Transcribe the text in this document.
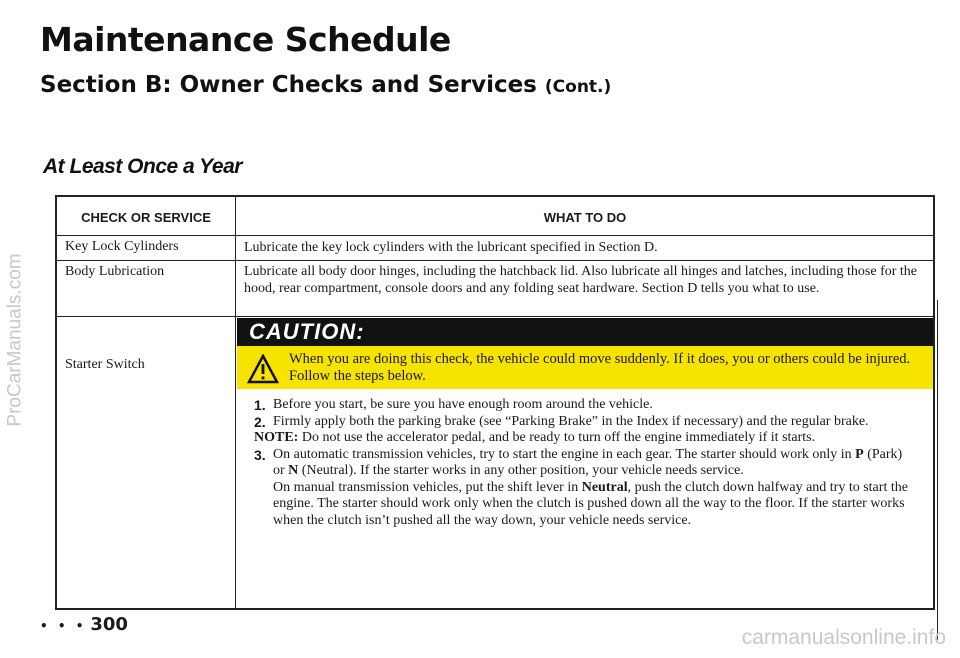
ProCarManuals.com
Maintenance Schedule
Section B: Owner Checks and Services (Cont.)
At Least Once a Year
CHECK OR SERVICE	WHAT TO DO
Key Lock Cylinders	Lubricate the key lock cylinders with the lubricant specified in Section D.
Body Lubrication	Lubricate all body door hinges, including the hatchback lid. Also lubricate all hinges and latches, including those for the hood, rear compartment, console doors and any folding seat hardware. Section D tells you what to use.
Starter Switch
CAUTION:
When you are doing this check, the vehicle could move suddenly. If it does, you or others could be injured. Follow the steps below.
1. Before you start, be sure you have enough room around the vehicle.
2. Firmly apply both the parking brake (see “Parking Brake” in the Index if necessary) and the regular brake.
NOTE: Do not use the accelerator pedal, and be ready to turn off the engine immediately if it starts.
3. On automatic transmission vehicles, try to start the engine in each gear. The starter should work only in P (Park) or N (Neutral). If the starter works in any other position, your vehicle needs service.
On manual transmission vehicles, put the shift lever in Neutral, push the clutch down halfway and try to start the engine. The starter should work only when the clutch is pushed down all the way to the floor. If the starter works when the clutch isn’t pushed all the way down, your vehicle needs service.
• • • 300
carmanualsonline.info
